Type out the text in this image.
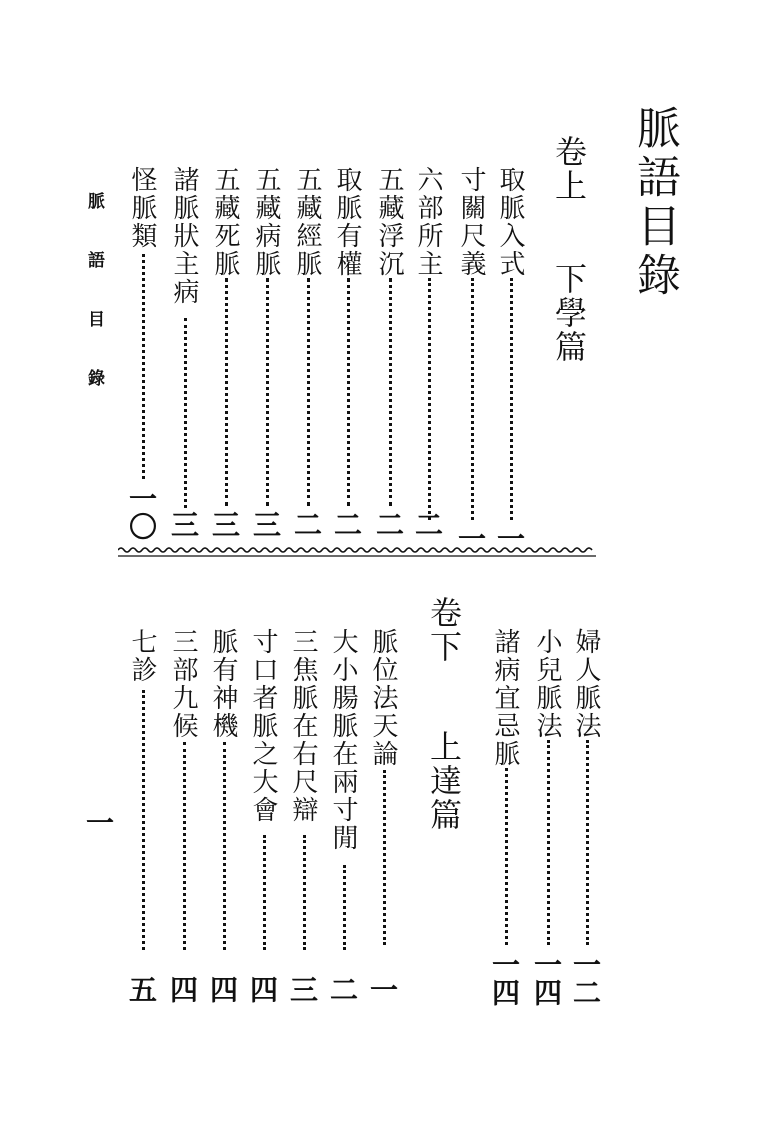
脈語目錄
卷上
下學篇
取脈入式
一
寸關尺義
一
六部所主
二
五藏浮沉
二
取脈有權
二
五藏經脈
二
五藏病脈
三
五藏死脈
三
諸脈狀主病
三
怪脈類
一〇
脈語目錄
婦人脈法
一二
小兒脈法
一四
諸病宜忌脈
一四
卷下
上達篇
脈位法天論
一
大小腸脈在兩寸閒
二
三焦脈在右尺辯
三
寸口者脈之大會
四
脈有神機
四
三部九候
四
七診
五
一
